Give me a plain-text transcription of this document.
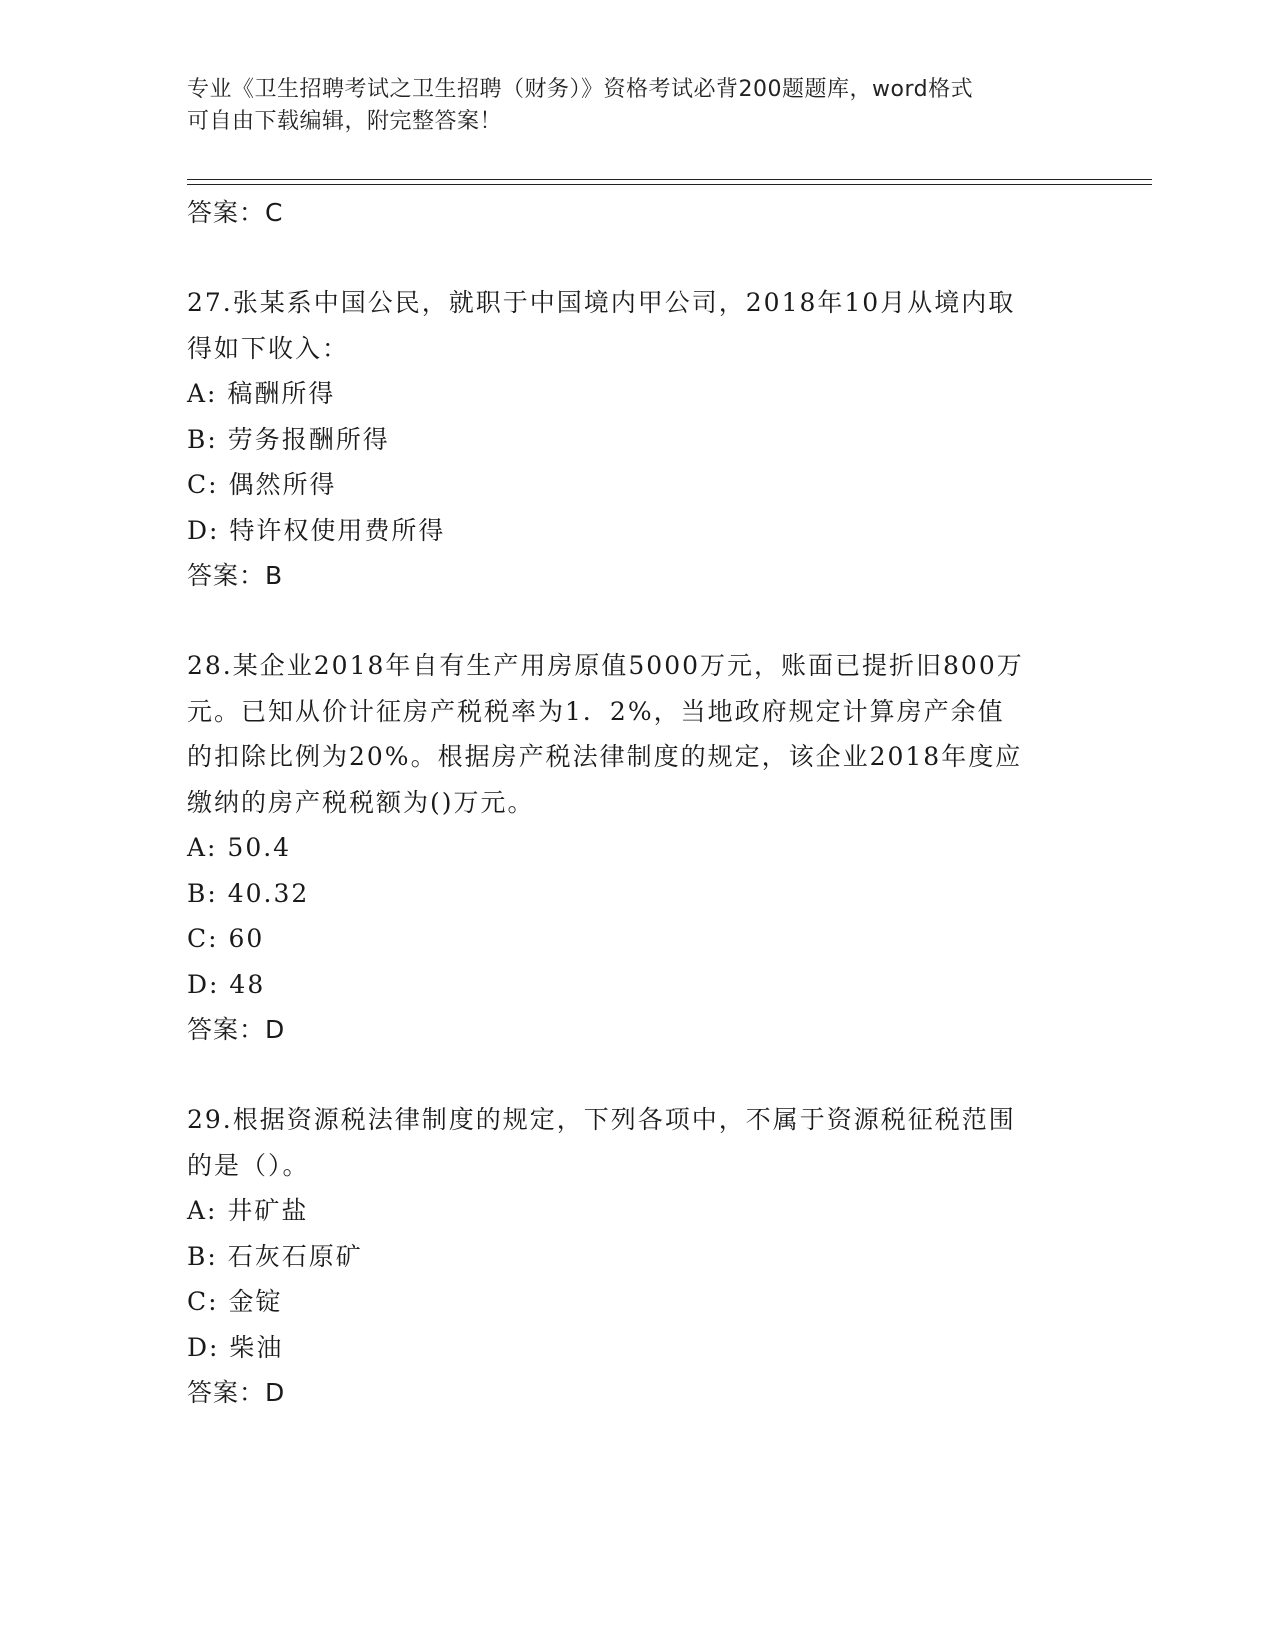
专业《卫生招聘考试之卫生招聘（财务）》资格考试必背200题题库，word格式
可自由下载编辑，附完整答案！
答案：C
27.张某系中国公民，就职于中国境内甲公司，2018年10月从境内取
得如下收入：
A: 稿酬所得
B: 劳务报酬所得
C: 偶然所得
D: 特许权使用费所得
答案：B
28.某企业2018年自有生产用房原值5000万元，账面已提折旧800万
元。已知从价计征房产税税率为1．2%，当地政府规定计算房产余值
的扣除比例为20%。根据房产税法律制度的规定，该企业2018年度应
缴纳的房产税税额为()万元。
A: 50.4
B: 40.32
C: 60
D: 48
答案：D
29.根据资源税法律制度的规定，下列各项中，不属于资源税征税范围
的是（）。
A: 井矿盐
B: 石灰石原矿
C: 金锭
D: 柴油
答案：D
